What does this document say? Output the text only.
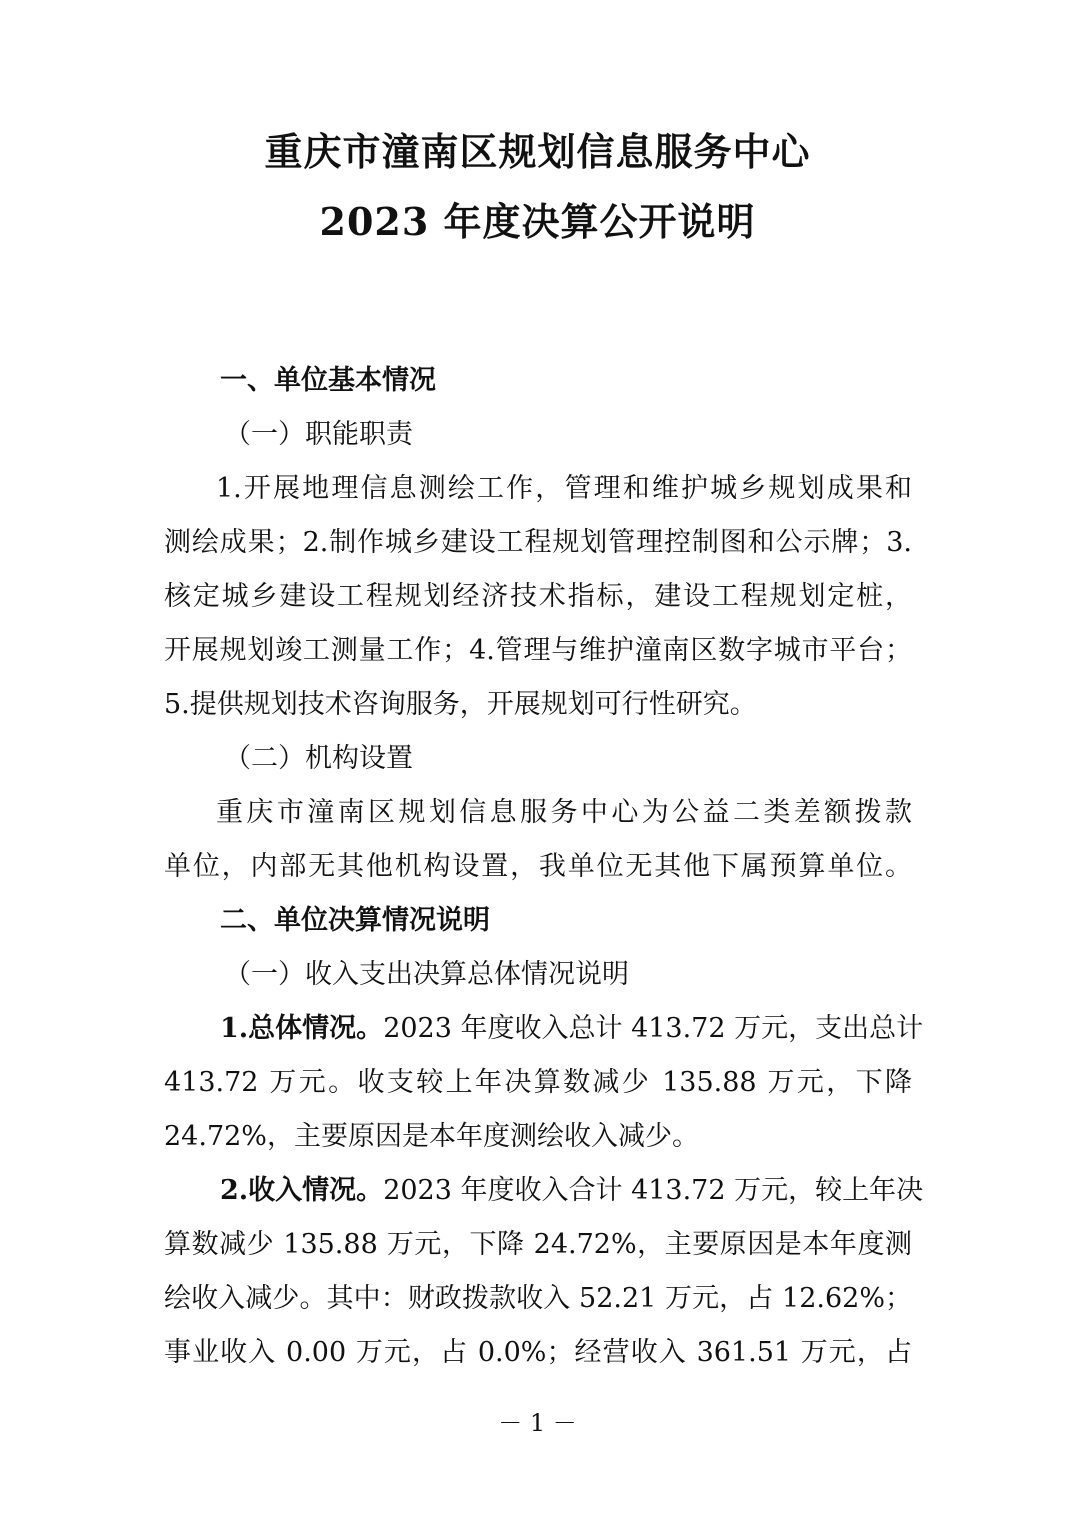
重庆市潼南区规划信息服务中心
2023 年度决算公开说明
一、单位基本情况
（一）职能职责
1.开展地理信息测绘工作，管理和维护城乡规划成果和
测绘成果；2.制作城乡建设工程规划管理控制图和公示牌；3.
核定城乡建设工程规划经济技术指标，建设工程规划定桩，
开展规划竣工测量工作；4.管理与维护潼南区数字城市平台；
5.提供规划技术咨询服务，开展规划可行性研究。
（二）机构设置
重庆市潼南区规划信息服务中心为公益二类差额拨款
单位，内部无其他机构设置，我单位无其他下属预算单位。
二、单位决算情况说明
（一）收入支出决算总体情况说明
1.总体情况。2023 年度收入总计 413.72 万元，支出总计
413.72 万元。收支较上年决算数减少 135.88 万元，下降
24.72%，主要原因是本年度测绘收入减少。
2.收入情况。2023 年度收入合计 413.72 万元，较上年决
算数减少 135.88 万元，下降 24.72%，主要原因是本年度测
绘收入减少。其中：财政拨款收入 52.21 万元，占 12.62%；
事业收入 0.00 万元，占 0.0%；经营收入 361.51 万元，占
－ 1 －
